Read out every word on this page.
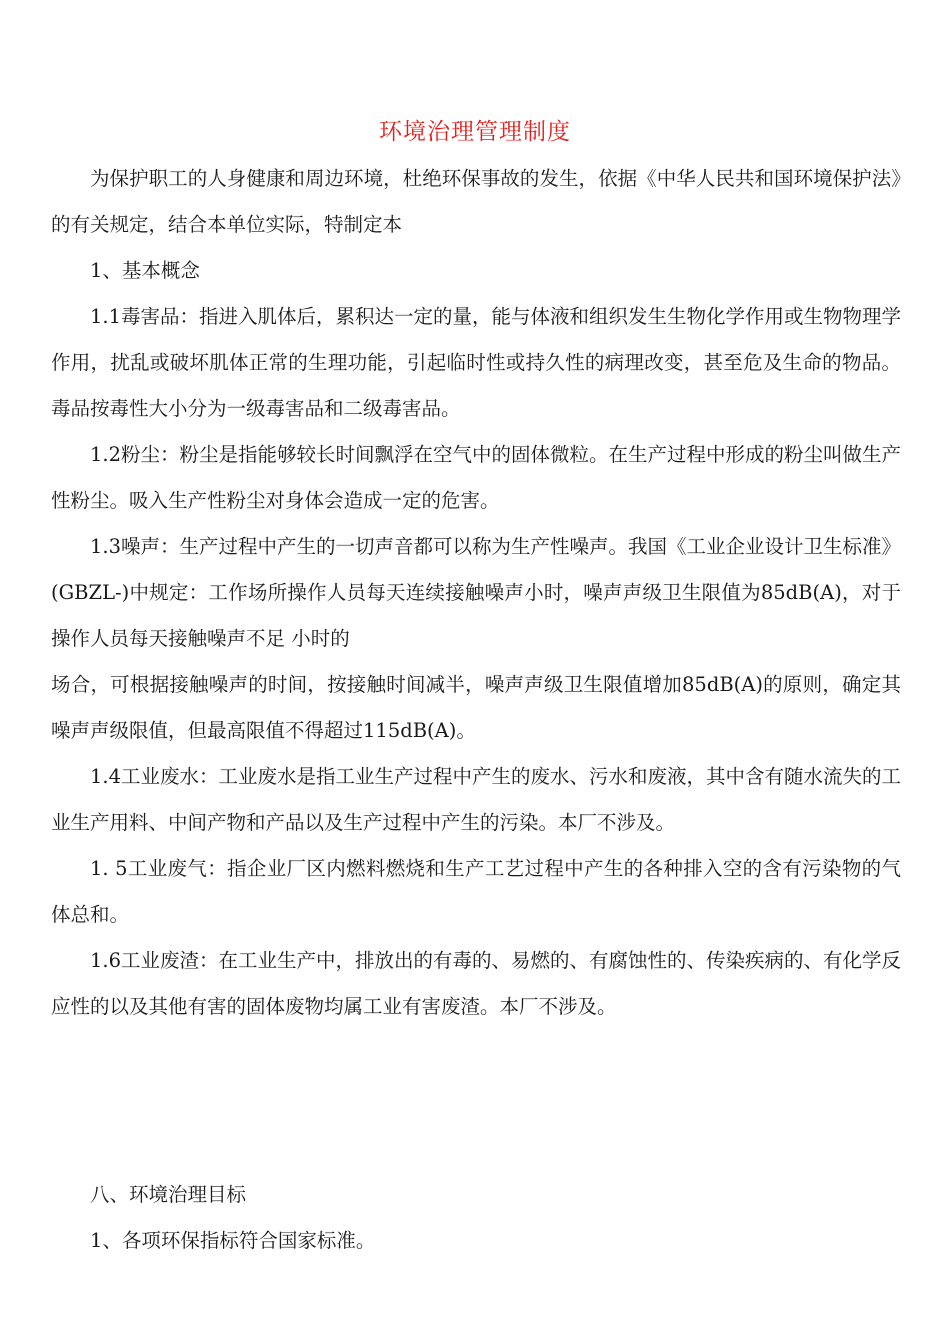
环境治理管理制度

为保护职工的人身健康和周边环境，杜绝环保事故的发生，依据《中华人民共和国环境保护法》的有关规定，结合本单位实际，特制定本

1、基本概念

1.1毒害品：指进入肌体后，累积达一定的量，能与体液和组织发生生物化学作用或生物物理学作用，扰乱或破坏肌体正常的生理功能，引起临时性或持久性的病理改变，甚至危及生命的物品。毒品按毒性大小分为一级毒害品和二级毒害品。

1.2粉尘：粉尘是指能够较长时间飘浮在空气中的固体微粒。在生产过程中形成的粉尘叫做生产性粉尘。吸入生产性粉尘对身体会造成一定的危害。

1.3噪声：生产过程中产生的一切声音都可以称为生产性噪声。我国《工业企业设计卫生标准》(GBZL-)中规定：工作场所操作人员每天连续接触噪声小时，噪声声级卫生限值为85dB(A)，对于操作人员每天接触噪声不足 小时的

场合，可根据接触噪声的时间，按接触时间减半，噪声声级卫生限值增加85dB(A)的原则，确定其噪声声级限值，但最高限值不得超过115dB(A)。

1.4工业废水：工业废水是指工业生产过程中产生的废水、污水和废液，其中含有随水流失的工业生产用料、中间产物和产品以及生产过程中产生的污染。本厂不涉及。

1. 5工业废气：指企业厂区内燃料燃烧和生产工艺过程中产生的各种排入空的含有污染物的气体总和。

1.6工业废渣：在工业生产中，排放出的有毒的、易燃的、有腐蚀性的、传染疾病的、有化学反应性的以及其他有害的固体废物均属工业有害废渣。本厂不涉及。

八、环境治理目标

1、各项环保指标符合国家标准。
